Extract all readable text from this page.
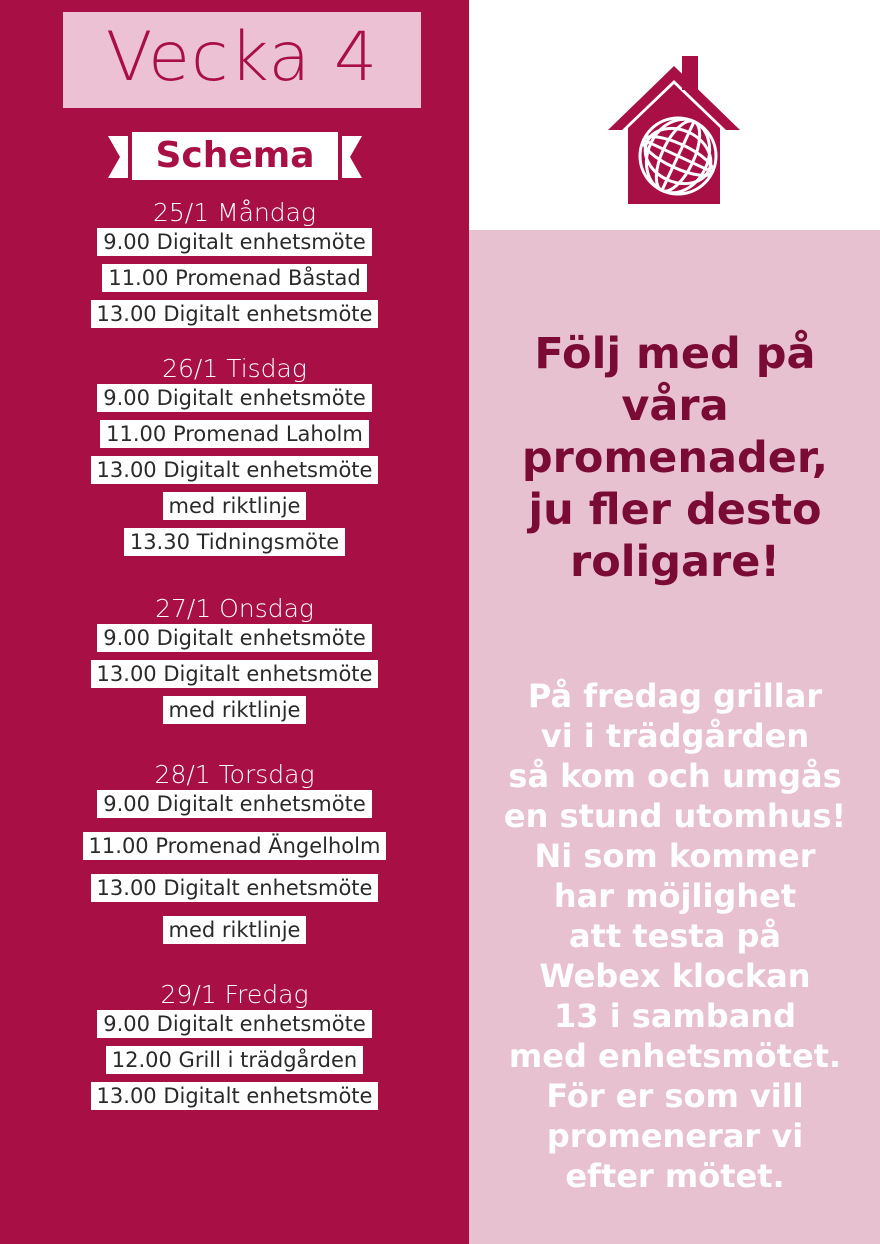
Vecka 4
Schema
25/1 Måndag
9.00 Digitalt enhetsmöte
11.00 Promenad Båstad
13.00 Digitalt enhetsmöte
26/1 Tisdag
9.00 Digitalt enhetsmöte
11.00 Promenad Laholm
13.00 Digitalt enhetsmöte
med riktlinje
13.30 Tidningsmöte
27/1 Onsdag
9.00 Digitalt enhetsmöte
13.00 Digitalt enhetsmöte
med riktlinje
28/1 Torsdag
9.00 Digitalt enhetsmöte
11.00 Promenad Ängelholm
13.00 Digitalt enhetsmöte
med riktlinje
29/1 Fredag
9.00 Digitalt enhetsmöte
12.00 Grill i trädgården
13.00 Digitalt enhetsmöte
Följ med på
våra
promenader,
ju fler desto
roligare!
På fredag grillar
vi i trädgården
så kom och umgås
en stund utomhus!
Ni som kommer
har möjlighet
att testa på
Webex klockan
13 i samband
med enhetsmötet.
För er som vill
promenerar vi
efter mötet.
